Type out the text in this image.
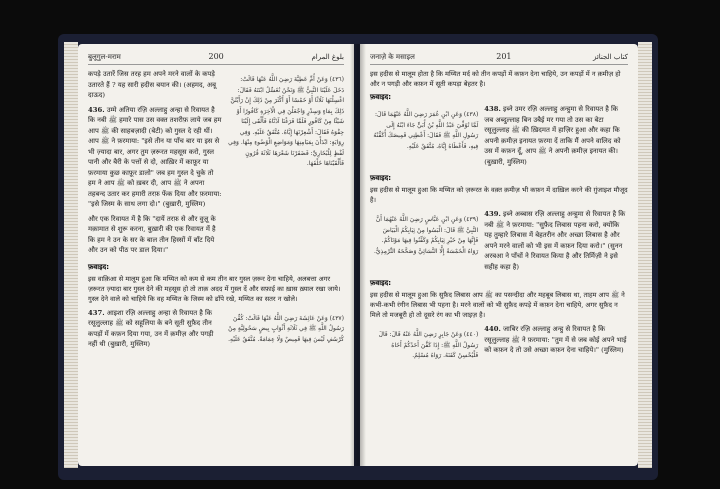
बुलूगुल-मराम	200	بلوغ المرام

कपड़े उतारें जिस तरह हम अपने मरने वालों के कपड़े उतारते हैं ? यह सारी हदीस बयान की। (अहमद, अबू दाऊद)

436. उम्मे अतिया रज़ि अल्लाहु अन्हा से रिवायत है कि नबी ﷺ हमारे पास उस वक्त तशरीफ़ लाये जब हम आप ﷺ की साहबज़ादी (बेटी) को गुस्ल दे रही थीं। आप ﷺ ने फ़रमाया: "इसे तीन या पाँच बार या इस से भी ज़्यादा बार, अगर तुम ज़रूरत महसूस करो, गुस्ल पानी और बैरी के पत्तों से दो, आख़िर में काफ़ूर या फ़रमाया कुछ काफ़ूर डालो" जब हम गुस्ल दे चुके तो हम ने आप ﷺ को ख़बर दी, आप ﷺ ने अपना तहबन्द उतार कर हमारी तरफ़ फेंक दिया और फ़रमाया: "इसे जिस्म के साथ लगा दो।" (बुख़ारी, मुस्लिम)

और एक रिवायत में है कि "दायें तरफ़ से और वुज़ू के मक़ामात से शुरू करना, बुख़ारी की एक रिवायत में है कि हम ने उन के सर के बाल तीन हिस्सों में बाँट दिये और उन को पीठ पर डाल दिया।"

(٤٣٦) وَعَنْ أُمِّ عَطِيَّةَ رَضِيَ اللَّهُ عَنْهَا قَالَتْ: دَخَلَ عَلَيْنَا النَّبِيُّ ﷺ وَنَحْنُ نُغَسِّلُ ابْنَتَهُ فَقَالَ: اغْسِلْنَهَا ثَلَاثًا أَوْ خَمْسًا أَوْ أَكْثَرَ مِنْ ذَلِكَ إِنْ رَأَيْتُنَّ ذَلِكَ بِمَاءٍ وَسِدْرٍ وَاجْعَلْنَ فِي الْآخِرَةِ كَافُورًا أَوْ شَيْئًا مِنْ كَافُورٍ فَلَمَّا فَرَغْنَا آذَنَّاهُ فَأَلْقَى إِلَيْنَا حِقْوَهُ فَقَالَ: أَشْعِرْنَهَا إِيَّاهُ. مُتَّفَقٌ عَلَيْهِ. وَفِي رِوَايَةٍ: ابْدَأْنَ بِمَيَامِنِهَا وَمَوَاضِعِ الْوُضُوءِ مِنْهَا. وَفِي لَفْظٍ لِلْبُخَارِيِّ: فَضَفَرْنَا شَعْرَهَا ثَلَاثَةَ قُرُونٍ فَأَلْقَيْنَاهَا خَلْفَهَا.

फ़वाइद:
इस वाक़िआ से मालूम हुआ कि मय्यित को कम से कम तीन बार गुस्ल ज़रूर देना चाहिये, अलबत्ता अगर ज़रूरत ज़्यादा बार गुस्ल देने की महसूस हो तो ताक़ अदद में गुस्ल दें और सफ़ाई का ख़ास ख़्याल रखा जाये। गुस्ल देने वाले को चाहिये कि वह मय्यित के जिस्म को ढाँपे रखे, मय्यित का सतर न खोले।

437. आइशा रज़ि अल्लाहु अन्हा से रिवायत है कि रसूलुल्लाह ﷺ को सहूलिया के बने सूती सुफ़ैद तीन कपड़ों में कफ़न दिया गया, उन में क़मीज़ और पगड़ी नहीं थी (बुख़ारी, मुस्लिम)

(٤٣٧) وَعَنْ عَائِشَةَ رَضِيَ اللَّهُ عَنْهَا قَالَتْ: كُفِّنَ رَسُولُ اللَّهِ ﷺ فِي ثَلَاثَةِ أَثْوَابٍ بِيضٍ سَحُولِيَّةٍ مِنْ كُرْسُفٍ لَيْسَ فِيهَا قَمِيصٌ وَلَا عِمَامَةٌ. مُتَّفَقٌ عَلَيْهِ.

जनाज़े के मसाइल	201	كتاب الجنائز
इस हदीस से मालूम होता है कि मय्यित मर्द को तीन कपड़ों में कफ़न देना चाहिये, उन कपड़ों में न क़मीज़ हो और न पगड़ी और कफ़न में सूती कपड़ा बेहतर है।
फ़वाइद:

438. इब्ने उमर रज़ि अल्लाहु अन्हुमा से रिवायत है कि जब अब्दुल्लाह बिन उबैई मर गया तो उस का बेटा रसूलुल्लाह ﷺ की ख़िदमत में हाज़िर हुआ और कहा कि अपनी क़मीज़ इनायत फ़रमा दें ताकि मैं अपने वालिद को उस में कफ़न दूँ, आप ﷺ ने अपनी क़मीज़ इनायत की। (बुख़ारी, मुस्लिम)

(٤٣٨) وَعَنِ ابْنِ عُمَرَ رَضِيَ اللَّهُ عَنْهُمَا قَالَ: لَمَّا تُوُفِّيَ عَبْدُ اللَّهِ بْنُ أُبَيٍّ جَاءَ ابْنُهُ إِلَى رَسُولِ اللَّهِ ﷺ فَقَالَ: أَعْطِنِي قَمِيصَكَ أُكَفِّنْهُ فِيهِ، فَأَعْطَاهُ إِيَّاهُ. مُتَّفَقٌ عَلَيْهِ.

फ़वाइद:
इस हदीस से मालूम हुआ कि मय्यित को ज़रूरत के वक़्त क़मीज़ भी कफ़न में दाख़िल करने की ग़ुंजाइश मौजूद है।

439. इब्ने अब्बास रज़ि अल्लाहु अन्हुमा से रिवायत है कि नबी ﷺ ने फ़रमाया: "सुफ़ैद लिबास पहना करो, क्योंकि यह तुम्हारे लिबास में बेहतरीन और अच्छा लिबास है और अपने मरने वालों को भी इस में कफ़न दिया करो।" (सुनन अरबआ ने पाँचों ने रिवायत किया है और तिर्मिज़ी ने इसे सहीह कहा है)

(٤٣٩) وَعَنِ ابْنِ عَبَّاسٍ رَضِيَ اللَّهُ عَنْهُمَا أَنَّ النَّبِيَّ ﷺ قَالَ: الْبَسُوا مِنْ ثِيَابِكُمُ الْبَيَاضَ فَإِنَّهَا مِنْ خَيْرِ ثِيَابِكُمْ وَكَفِّنُوا فِيهَا مَوْتَاكُمْ. رَوَاهُ الْخَمْسَةُ إِلَّا النَّسَائِيَّ وَصَحَّحَهُ التِّرْمِذِيُّ.

फ़वाइद:
इस हदीस से मालूम हुआ कि सुफ़ैद लिबास आप ﷺ का पसन्दीदा और महबूब लिबास था, ताहम आप ﷺ ने कभी-कभी रंगीन लिबास भी पहना है। मरने वालों को भी सुफ़ैद कपड़े में कफ़न देना चाहिये, अगर सुफ़ैद न मिले तो मजबूरी हो तो दूसरे रंग का भी जाइज़ है।

440. जाबिर रज़ि अल्लाहु अन्हु से रिवायत है कि रसूलुल्लाह ﷺ ने फ़रमाया: "तुम में से जब कोई अपने भाई को कफ़न दे तो उसे अच्छा कफ़न देना चाहिये।" (मुस्लिम)

(٤٤٠) وَعَنْ جَابِرٍ رَضِيَ اللَّهُ عَنْهُ قَالَ: قَالَ رَسُولُ اللَّهِ ﷺ: إِذَا كَفَّنَ أَحَدُكُمْ أَخَاهُ فَلْيُحْسِنْ كَفَنَهُ. رَوَاهُ مُسْلِمٌ.
